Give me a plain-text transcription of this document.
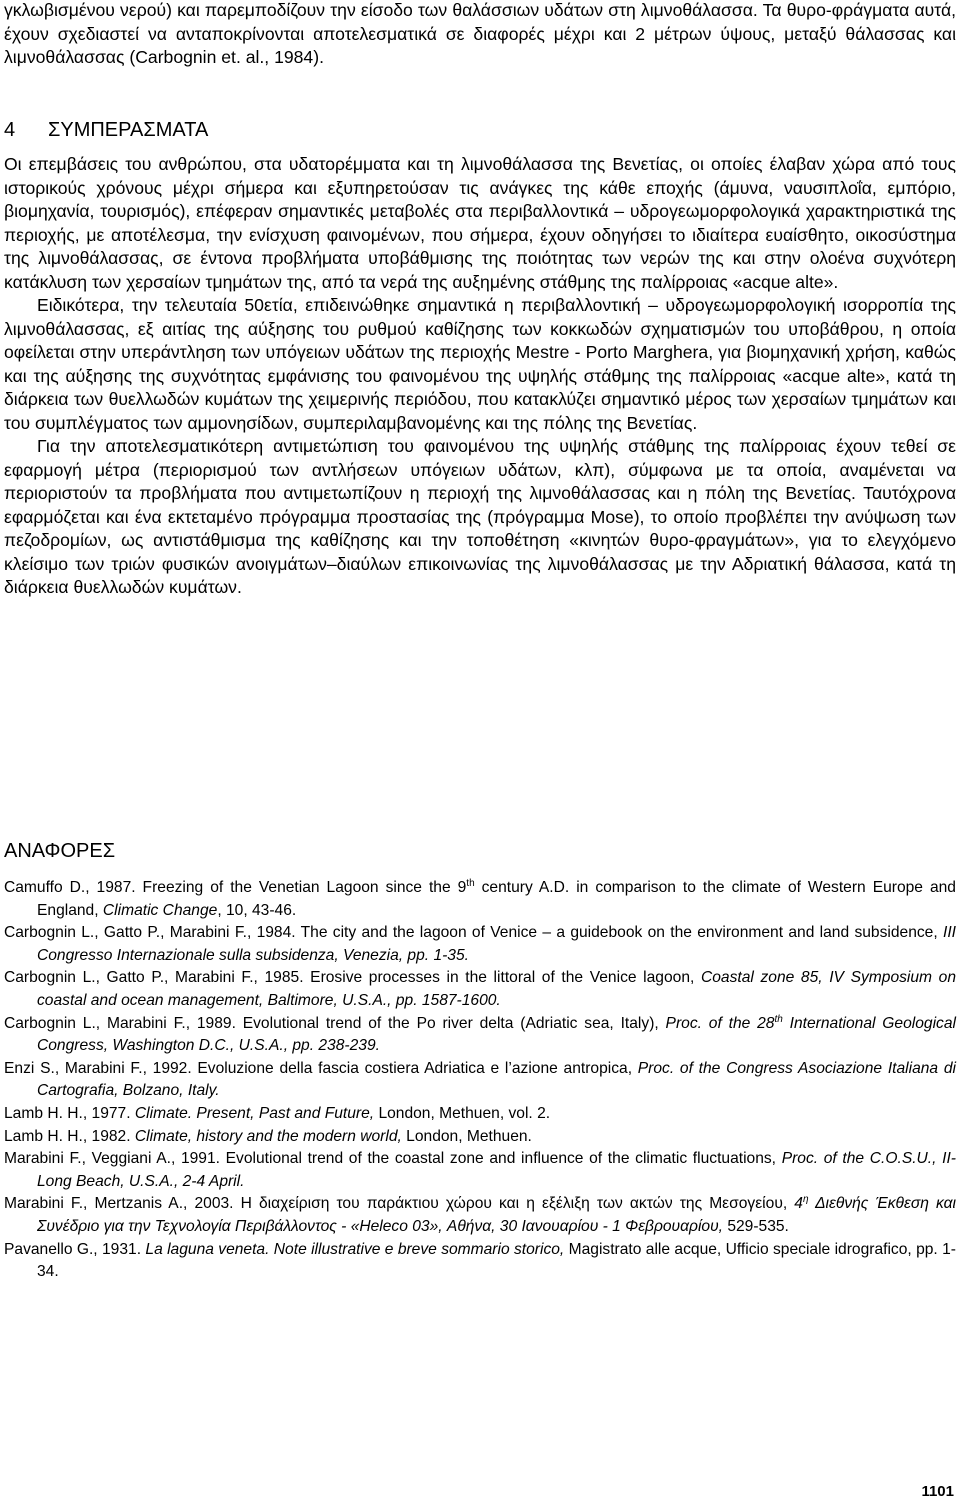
γκλωβισμένου νερού) και παρεμποδίζουν την είσοδο των θαλάσσιων υδάτων στη λιμνοθάλασσα. Τα θυρο-φράγματα αυτά, έχουν σχεδιαστεί να ανταποκρίνονται αποτελεσματικά σε διαφορές μέχρι και 2 μέτρων ύψους, μεταξύ θάλασσας και λιμνοθάλασσας (Carbognin et. al., 1984).

4 ΣΥΜΠΕΡΑΣΜΑΤΑ

Οι επεμβάσεις του ανθρώπου, στα υδατορέμματα και τη λιμνοθάλασσα της Βενετίας, οι οποίες έλαβαν χώρα από τους ιστορικούς χρόνους μέχρι σήμερα και εξυπηρετούσαν τις ανάγκες της κάθε εποχής (άμυνα, ναυσιπλοΐα, εμπόριο, βιομηχανία, τουρισμός), επέφεραν σημαντικές μεταβολές στα περιβαλλοντικά – υδρογεωμορφολογικά χαρακτηριστικά της περιοχής, με αποτέλεσμα, την ενίσχυση φαινομένων, που σήμερα, έχουν οδηγήσει το ιδιαίτερα ευαίσθητο, οικοσύστημα της λιμνοθάλασσας, σε έντονα προβλήματα υποβάθμισης της ποιότητας των νερών της και στην ολοένα συχνότερη κατάκλυση των χερσαίων τμημάτων της, από τα νερά της αυξημένης στάθμης της παλίρροιας «acque alte».

Ειδικότερα, την τελευταία 50ετία, επιδεινώθηκε σημαντικά η περιβαλλοντική – υδρογεωμορφολογική ισορροπία της λιμνοθάλασσας, εξ αιτίας της αύξησης του ρυθμού καθίζησης των κοκκωδών σχηματισμών του υποβάθρου, η οποία οφείλεται στην υπεράντληση των υπόγειων υδάτων της περιοχής Mestre - Porto Marghera, για βιομηχανική χρήση, καθώς και της αύξησης της συχνότητας εμφάνισης του φαινομένου της υψηλής στάθμης της παλίρροιας «acque alte», κατά τη διάρκεια των θυελλωδών κυμάτων της χειμερινής περιόδου, που κατακλύζει σημαντικό μέρος των χερσαίων τμημάτων και του συμπλέγματος των αμμονησίδων, συμπεριλαμβανομένης και της πόλης της Βενετίας.

Για την αποτελεσματικότερη αντιμετώπιση του φαινομένου της υψηλής στάθμης της παλίρροιας έχουν τεθεί σε εφαρμογή μέτρα (περιορισμού των αντλήσεων υπόγειων υδάτων, κλπ), σύμφωνα με τα οποία, αναμένεται να περιοριστούν τα προβλήματα που αντιμετωπίζουν η περιοχή της λιμνοθάλασσας και η πόλη της Βενετίας. Ταυτόχρονα εφαρμόζεται και ένα εκτεταμένο πρόγραμμα προστασίας της (πρόγραμμα Mose), το οποίο προβλέπει την ανύψωση των πεζοδρομίων, ως αντιστάθμισμα της καθίζησης και την τοποθέτηση «κινητών θυρο-φραγμάτων», για το ελεγχόμενο κλείσιμο των τριών φυσικών ανοιγμάτων–διαύλων επικοινωνίας της λιμνοθάλασσας με την Αδριατική θάλασσα, κατά τη διάρκεια θυελλωδών κυμάτων.

ΑΝΑΦΟΡΕΣ
Camuffo D., 1987. Freezing of the Venetian Lagoon since the 9th century A.D. in comparison to the climate of Western Europe and England, Climatic Change, 10, 43-46.
Carbognin L., Gatto P., Marabini F., 1984. The city and the lagoon of Venice – a guidebook on the environment and land subsidence, III Congresso Internazionale sulla subsidenza, Venezia, pp. 1-35.
Carbognin L., Gatto P., Marabini F., 1985. Erosive processes in the littoral of the Venice lagoon, Coastal zone 85, IV Symposium on coastal and ocean management, Baltimore, U.S.A., pp. 1587-1600.
Carbognin L., Marabini F., 1989. Evolutional trend of the Po river delta (Adriatic sea, Italy), Proc. of the 28th International Geological Congress, Washington D.C., U.S.A., pp. 238-239.
Enzi S., Marabini F., 1992. Evoluzione della fascia costiera Adriatica e l’azione antropica, Proc. of the Congress Asociazione Italiana di Cartografia, Bolzano, Italy.
Lamb H. H., 1977. Climate. Present, Past and Future, London, Methuen, vol. 2.
Lamb H. H., 1982. Climate, history and the modern world, London, Methuen.
Marabini F., Veggiani A., 1991. Evolutional trend of the coastal zone and influence of the climatic fluctuations, Proc. of the C.O.S.U., II-Long Beach, U.S.A., 2-4 April.
Marabini F., Mertzanis A., 2003. Η διαχείριση του παράκτιου χώρου και η εξέλιξη των ακτών της Μεσογείου, $4^\eta$ Διεθνής Έκθεση και Συνέδριο για την Τεχνολογία Περιβάλλοντος - «Heleco 03», Αθήνα, 30 Ιανουαρίου - 1 Φεβρουαρίου, 529-535.
Pavanello G., 1931. La laguna veneta. Note illustrative e breve sommario storico, Magistrato alle acque, Ufficio speciale idrografico, pp. 1-34.
1101
